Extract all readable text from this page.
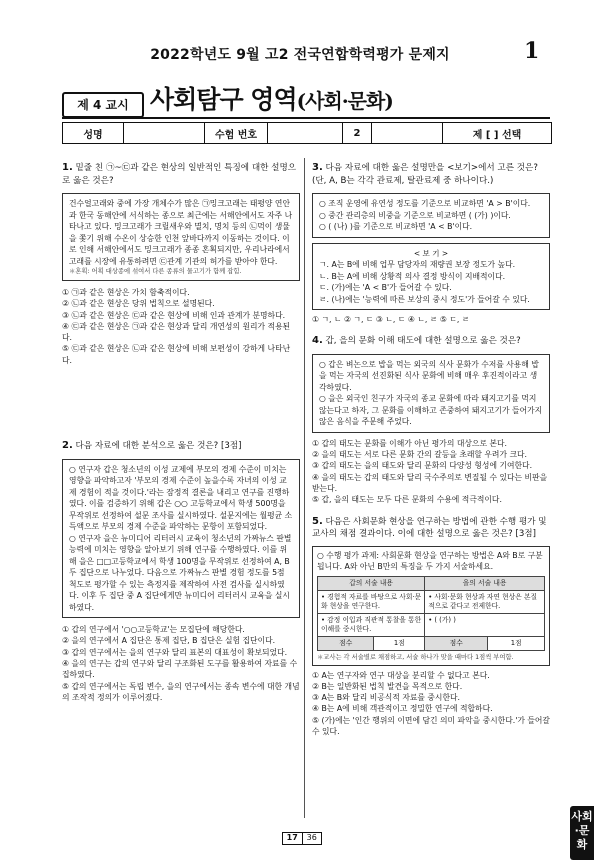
2022학년도 9월 고2 전국연합학력평가 문제지	1
제 4 교시 사회탐구 영역(사회·문화)
성명	수험 번호	2	제 [ ] 선택
1. 밑줄 친 ㉠~㉢과 같은 현상의 일반적인 특징에 대한 설명으로 옳은 것은?
건수얼고래와 중에 가장 개체수가 많은 ㉠밍크고래는 태평양 연안과 한국 동해안에 서식하는 종으로 최근에는 서해안에서도 자주 나타나고 있다. 밍크고래가 크릴새우와 멸치, 명치 등의 ㉡먹이 생물을 쫓기 위해 수온이 상승한 인천 앞바다까지 이동하는 것이다. 이로 인해 서해안에서도 밍크고래가 종종 혼획되지만, 우리나라에서 고래를 시장에 유통하려면 ㉢관계 기관의 허가를 받아야 한다.
＊혼획: 어획 대상종에 섞여서 다른 종류의 물고기가 함께 잡힘.
① ㉠과 같은 현상은 가치 함축적이다.
② ㉡과 같은 현상은 당위 법칙으로 설명된다.
③ ㉡과 같은 현상은 ㉢과 같은 현상에 비해 인과 관계가 분명하다.
④ ㉢과 같은 현상은 ㉠과 같은 현상과 달리 개연성의 원리가 적용된다.
⑤ ㉢과 같은 현상은 ㉡과 같은 현상에 비해 보편성이 강하게 나타난다.
2. 다음 자료에 대한 분석으로 옳은 것은? [3점]
○ 연구자 갑은 청소년의 이성 교제에 부모의 경제 수준이 미치는 영향을 파악하고자 '부모의 경제 수준이 높을수록 자녀의 이성 교제 경험이 적을 것이다.'라는 잠정적 결론을 내리고 연구를 진행하였다. 이를 검증하기 위해 갑은 ○○ 고등학교에서 학생 500명을 무작위로 선정하여 설문 조사를 실시하였다. 설문지에는 월평균 소득액으로 부모의 경제 수준을 파악하는 문항이 포함되었다.
○ 연구자 을은 뉴미디어 리터러시 교육이 청소년의 가짜뉴스 판별 능력에 미치는 영향을 알아보기 위해 연구를 수행하였다. 이를 위해 을은 □□고등학교에서 학생 100명을 무작위로 선정하여 A, B 두 집단으로 나누었다. 다음으로 가짜뉴스 판별 경험 정도를 5점 척도로 평가할 수 있는 측정지를 제작하여 사전 검사를 실시하였다. 이후 두 집단 중 A 집단에게만 뉴미디어 리터러시 교육을 실시하였다.
① 갑의 연구에서 '○○고등학교'는 모집단에 해당한다.
② 을의 연구에서 A 집단은 통제 집단, B 집단은 실험 집단이다.
③ 갑의 연구에서는 을의 연구와 달리 표본의 대표성이 확보되었다.
④ 을의 연구는 갑의 연구와 달리 구조화된 도구를 활용하여 자료를 수집하였다.
⑤ 갑의 연구에서는 독립 변수, 을의 연구에서는 종속 변수에 대한 개념의 조작적 정의가 이루어졌다.
3. 다음 자료에 대한 옳은 설명만을 <보기>에서 고른 것은? (단, A, B는 각각 관료제, 탈관료제 중 하나이다.)
○ 조직 운영에 유연성 정도를 기준으로 비교하면 'A > B'이다.
○ 중간 관리층의 비중을 기준으로 비교하면 ( (가) )이다.
○ ( (나) )를 기준으로 비교하면 'A < B'이다.
< 보 기 >
ㄱ. A는 B에 비해 업무 담당자의 재량권 보장 정도가 높다.
ㄴ. B는 A에 비해 상황적 의사 결정 방식이 지배적이다.
ㄷ. (가)에는 'A < B'가 들어갈 수 있다.
ㄹ. (나)에는 '능력에 따른 보상의 중시 정도'가 들어갈 수 있다.
① ㄱ, ㄴ ② ㄱ, ㄷ ③ ㄴ, ㄷ ④ ㄴ, ㄹ ⑤ ㄷ, ㄹ
4. 갑, 을의 문화 이해 태도에 대한 설명으로 옳은 것은?
○ 갑은 벼논으로 밥을 먹는 외국의 식사 문화가 수저를 사용해 밥을 먹는 자국의 선진화된 식사 문화에 비해 매우 후진적이라고 생각하였다.
○ 을은 외국인 친구가 자국의 종교 문화에 따라 돼지고기를 먹지 않는다고 하자, 그 문화를 이해하고 존중하여 돼지고기가 들어가지 않은 음식을 주문해 주었다.
① 갑의 태도는 문화를 이해가 아닌 평가의 대상으로 본다.
② 을의 태도는 서로 다른 문화 간의 갈등을 초래할 우려가 크다.
③ 갑의 태도는 을의 태도와 달리 문화의 다양성 형성에 기여한다.
④ 을의 태도는 갑의 태도와 달리 국수주의로 변질될 수 있다는 비판을 받는다.
⑤ 갑, 을의 태도는 모두 다른 문화의 수용에 적극적이다.
5. 다음은 사회문화 현상을 연구하는 방법에 관한 수행 평가 및 교사의 채점 결과이다. 이에 대한 설명으로 옳은 것은? [3점]
○ 수행 평가 과제: 사회문화 현상을 연구하는 방법은 A와 B로 구분됩니다. A와 아닌 B만의 특징을 두 가지 서술하세요.
갑의 서술 내용		을의 서술 내용	
• 경험적 자료를 바탕으로 사회·문화 현상을 연구한다.		• 사회·문화 현상과 자연 현상은 본질적으로 같다고 전제한다.	
• 감정 이입과 직관적 통찰을 통한 이해를 중시한다.		• ( (가) )	
점수	1점	점수	1점
＊교사는 각 서술별로 채점하고, 서술 하나가 맞을 때마다 1점씩 부여함.
① A는 연구자와 연구 대상을 분리할 수 없다고 본다.
② B는 일반화된 법칙 발견을 목적으로 한다.
③ A는 B와 달리 비공식적 자료를 중시한다.
④ B는 A에 비해 객관적이고 정밀한 연구에 적합하다.
⑤ (가)에는 '인간 행위의 이면에 담긴 의미 파악을 중시한다.'가 들어갈 수 있다.
사회·문화
17	36
